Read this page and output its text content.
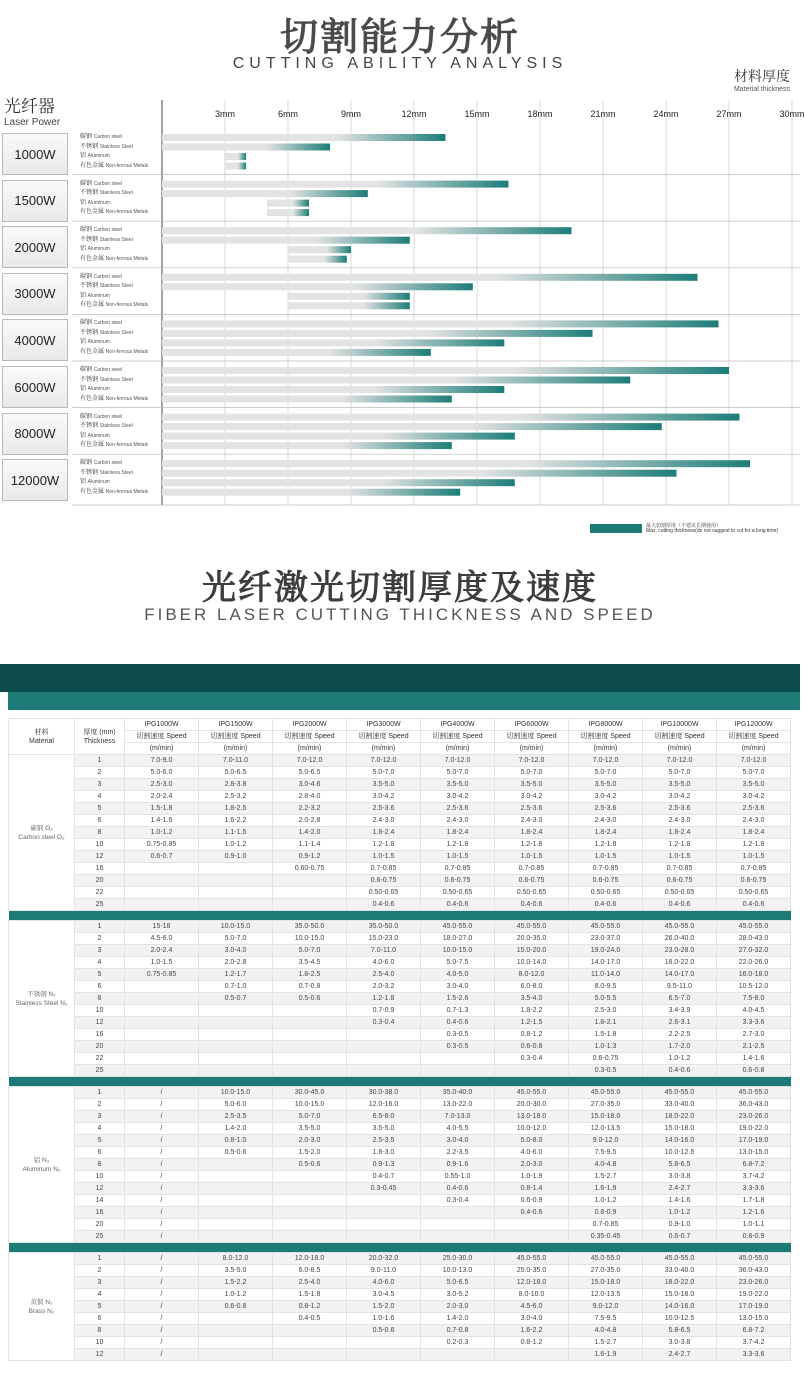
切割能力分析
CUTTING ABILITY ANALYSIS
材料厚度
Material thickness
光纤器
Laser Power
3mm	6mm	9mm	12mm	15mm	18mm	21mm	24mm	27mm	30mm
1000W
碳钢 Carbon steel
不锈钢 Stainless Steel
铝 Aluminum
有色金属 Non-ferrous Metals
1500W
碳钢 Carbon steel
不锈钢 Stainless Steel
铝 Aluminum
有色金属 Non-ferrous Metals
2000W
碳钢 Carbon steel
不锈钢 Stainless Steel
铝 Aluminum
有色金属 Non-ferrous Metals
3000W
碳钢 Carbon steel
不锈钢 Stainless Steel
铝 Aluminum
有色金属 Non-ferrous Metals
4000W
碳钢 Carbon steel
不锈钢 Stainless Steel
铝 Aluminum
有色金属 Non-ferrous Metals
6000W
碳钢 Carbon steel
不锈钢 Stainless Steel
铝 Aluminum
有色金属 Non-ferrous Metals
8000W
碳钢 Carbon steel
不锈钢 Stainless Steel
铝 Aluminum
有色金属 Non-ferrous Metals
12000W
碳钢 Carbon steel
不锈钢 Stainless Steel
铝 Aluminum
有色金属 Non-ferrous Metals
最大切割厚度（不建议长期使用）
Max. cutting thickness(do not suggest to cut for a long time)
光纤激光切割厚度及速度
FIBER LASER CUTTING THICKNESS AND SPEED
材料
Material	厚度 (mm)
Thickness	IPG1000W	IPG1500W	IPG2000W	IPG3000W	IPG4000W	IPG6000W	IPG8000W	IPG10000W	IPG12000W
		切割速度 Speed	切割速度 Speed	切割速度 Speed	切割速度 Speed	切割速度 Speed	切割速度 Speed	切割速度 Speed	切割速度 Speed	切割速度 Speed
		(m/min)	(m/min)	(m/min)	(m/min)	(m/min)	(m/min)	(m/min)	(m/min)	(m/min)
碳钢 O₂
Carbon steel O₂	1	7.0-9.0	7.0-11.0	7.0-12.0	7.0-12.0	7.0-12.0	7.0-12.0	7.0-12.0	7.0-12.0	7.0-12.0
	2	5.0-6.0	5.0-6.5	5.0-6.5	5.0-7.0	5.0-7.0	5.0-7.0	5.0-7.0	5.0-7.0	5.0-7.0
	3	2.5-3.0	2.8-3.8	3.0-4.6	3.5-5.0	3.5-5.0	3.5-5.0	3.5-5.0	3.5-5.0	3.5-5.0
	4	2.0-2.4	2.5-3.2	2.8-4.0	3.0-4.2	3.0-4.2	3.0-4.2	3.0-4.2	3.0-4.2	3.0-4.2
	5	1.5-1.8	1.8-2.5	2.2-3.2	2.5-3.6	2.5-3.6	2.5-3.6	2.5-3.6	2.5-3.6	2.5-3.6
	6	1.4-1.6	1.6-2.2	2.0-2.8	2.4-3.0	2.4-3.0	2.4-3.0	2.4-3.0	2.4-3.0	2.4-3.0
	8	1.0-1.2	1.1-1.5	1.4-2.0	1.8-2.4	1.8-2.4	1.8-2.4	1.8-2.4	1.8-2.4	1.8-2.4
	10	0.75-0.85	1.0-1.2	1.1-1.4	1.2-1.8	1.2-1.8	1.2-1.8	1.2-1.8	1.2-1.8	1.2-1.8
	12	0.6-0.7	0.9-1.0	0.9-1.2	1.0-1.5	1.0-1.5	1.0-1.5	1.0-1.5	1.0-1.5	1.0-1.5
	16			0.60-0.75	0.7-0.85	0.7-0.85	0.7-0.85	0.7-0.85	0.7-0.85	0.7-0.85
	20				0.6-0.75	0.6-0.75	0.6-0.75	0.6-0.75	0.6-0.75	0.6-0.75
	22				0.50-0.65	0.50-0.65	0.50-0.65	0.50-0.65	0.50-0.65	0.50-0.65
	25				0.4-0.6	0.4-0.6	0.4-0.6	0.4-0.6	0.4-0.6	0.4-0.6

不锈钢 N₂
Stainless Steel N₂	1	15-18	10.0-15.0	35.0-50.0	35.0-50.0	45.0-55.0	45.0-55.0	45.0-55.0	45.0-55.0	45.0-55.0
	2	4.5-6.0	5.0-7.0	10.0-15.0	15.0-23.0	18.0-27.0	20.0-35.0	23.0-37.0	26.0-40.0	28.0-43.0
	3	2.0-2.4	3.0-4.0	5.0-7.0	7.0-11.0	10.0-15.0	15.0-20.0	19.0-24.0	23.0-28.0	27.0-32.0
	4	1.0-1.5	2.0-2.8	3.5-4.5	4.0-6.0	5.0-7.5	10.0-14.0	14.0-17.0	18.0-22.0	22.0-26.0
	5	0.75-0.85	1.2-1.7	1.8-2.5	2.5-4.0	4.0-5.0	8.0-12.0	11.0-14.0	14.0-17.0	16.0-18.0
	6		0.7-1.0	0.7-0.8	2.0-3.2	3.0-4.0	6.0-8.0	8.0-9.5	9.5-11.0	10.5-12.0
	8		0.5-0.7	0.5-0.6	1.2-1.8	1.5-2.6	3.5-4.0	5.0-5.5	6.5-7.0	7.5-8.0
	10				0.7-0.9	0.7-1.3	1.8-2.2	2.5-3.0	3.4-3.9	4.0-4.5
	12				0.3-0.4	0.4-0.6	1.2-1.5	1.8-2.1	2.6-3.1	3.3-3.6
	16					0.3-0.5	0.8-1.2	1.5-1.8	2.2-2.5	2.7-3.0
	20					0.3-0.5	0.6-0.8	1.0-1.3	1.7-2.0	2.1-2.5
	22						0.3-0.4	0.6-0.75	1.0-1.2	1.4-1.6
	25							0.3-0.5	0.4-0.6	0.6-0.8

铝 N₂
Aluminum N₂	1	/	10.0-15.0	30.0-45.0	30.0-38.0	35.0-40.0	45.0-55.0	45.0-55.0	45.0-55.0	45.0-55.0
	2	/	5.0-6.0	10.0-15.0	12.0-16.0	13.0-22.0	20.0-30.0	27.0-35.0	33.0-40.0	36.0-43.0
	3	/	2.5-3.5	5.0-7.0	6.5-8.0	7.0-13.0	13.0-18.0	15.0-18.0	18.0-22.0	23.0-26.0
	4	/	1.4-2.0	3.5-5.0	3.5-5.0	4.0-5.5	10.0-12.0	12.0-13.5	15.0-18.0	19.0-22.0
	5	/	0.8-1.0	2.0-3.0	2.5-3.5	3.0-4.0	5.0-8.0	9.0-12.0	14.0-16.0	17.0-19.0
	6	/	0.5-0.6	1.5-2.0	1.8-3.0	2.2-3.5	4.0-6.0	7.5-9.5	10.0-12.5	13.0-15.0
	8	/		0.5-0.6	0.9-1.3	0.9-1.6	2.0-3.0	4.0-4.8	5.8-6.5	6.8-7.2
	10	/			0.4-0.7	0.55-1.0	1.0-1.9	1.5-2.7	3.0-3.8	3.7-4.2
	12	/			0.3-0.45	0.4-0.6	0.8-1.4	1.6-1.9	2.4-2.7	3.3-3.6
	14	/				0.3-0.4	0.6-0.9	1.0-1.2	1.4-1.6	1.7-1.8
	16	/					0.4-0.6	0.8-0.9	1.0-1.2	1.2-1.6
	20	/						0.7-0.85	0.9-1.0	1.0-1.1
	25	/						0.35-0.45	0.6-0.7	0.8-0.9

黄铜 N₂
Brass N₂	1	/	8.0-12.0	12.0-18.0	20.0-32.0	25.0-30.0	45.0-55.0	45.0-55.0	45.0-55.0	45.0-55.0
	2	/	3.5-5.0	6.0-8.5	9.0-11.0	10.0-13.0	25.0-35.0	27.0-35.0	33.0-40.0	36.0-43.0
	3	/	1.5-2.2	2.5-4.0	4.0-6.0	5.0-6.5	12.0-18.0	15.0-18.0	18.0-22.0	23.0-26.0
	4	/	1.0-1.2	1.5-1.8	3.0-4.5	3.0-5.2	8.0-10.0	12.0-13.5	15.0-18.0	19.0-22.0
	5	/	0.6-0.8	0.8-1.2	1.5-2.0	2.0-3.0	4.5-6.0	9.0-12.0	14.0-16.0	17.0-19.0
	6	/		0.4-0.5	1.0-1.6	1.4-2.0	3.0-4.0	7.5-9.5	10.0-12.5	13.0-15.0
	8	/			0.5-0.6	0.7-0.8	1.6-2.2	4.0-4.8	5.8-6.5	6.8-7.2
	10	/				0.2-0.3	0.8-1.2	1.5-2.7	3.0-3.8	3.7-4.2
	12	/						1.6-1.9	2.4-2.7	3.3-3.6
